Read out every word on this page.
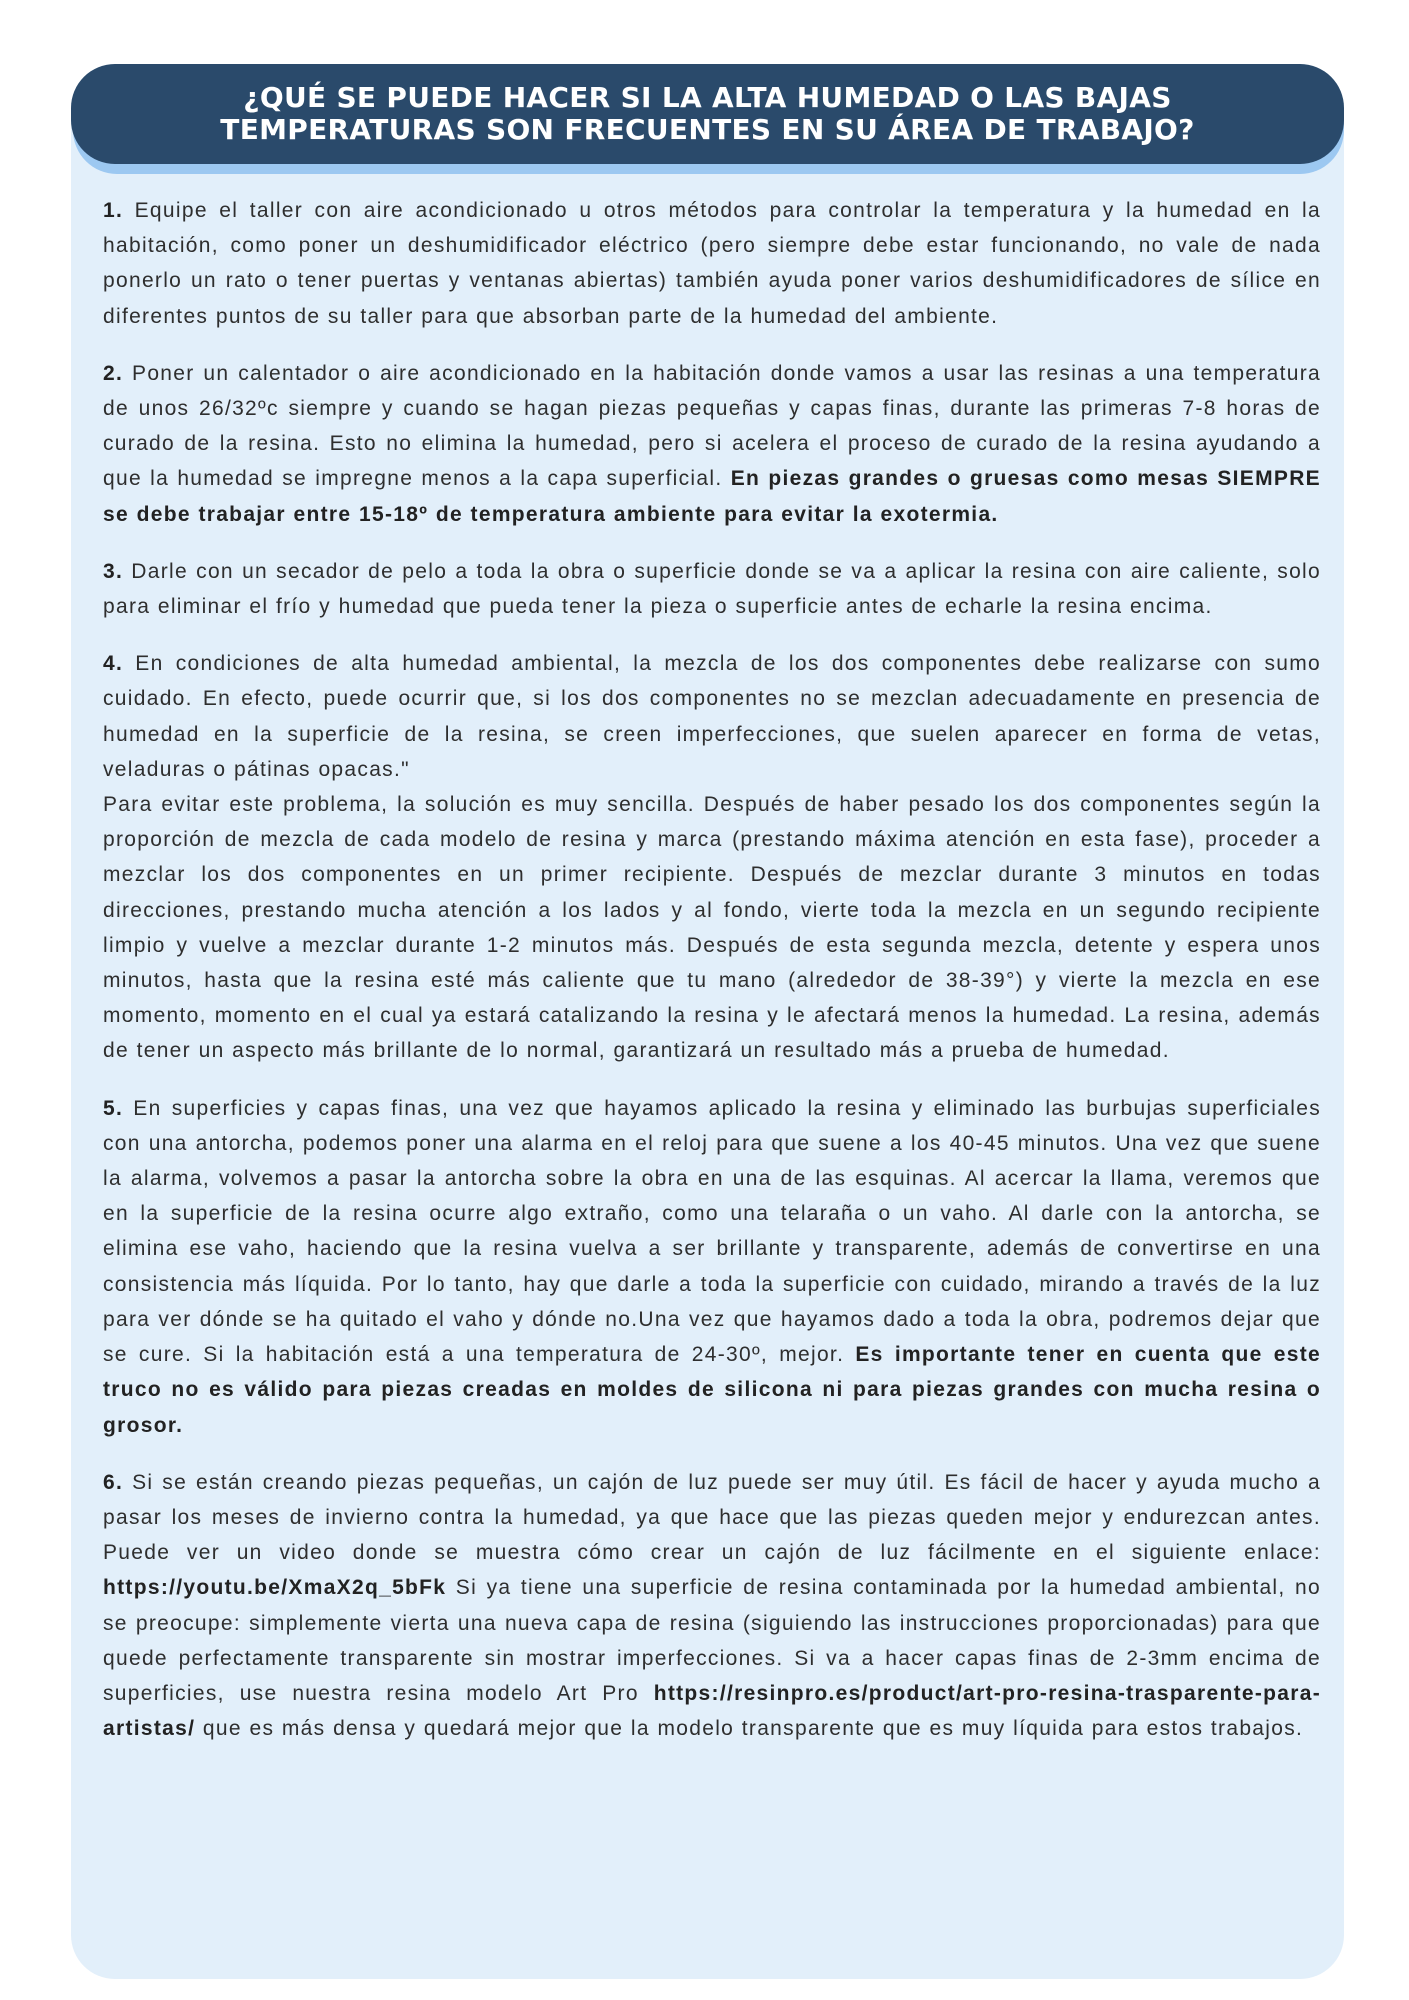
¿QUÉ SE PUEDE HACER SI LA ALTA HUMEDAD O LAS BAJAS TEMPERATURAS SON FRECUENTES EN SU ÁREA DE TRABAJO?

1. Equipe el taller con aire acondicionado u otros métodos para controlar la temperatura y la humedad en la habitación, como poner un deshumidificador eléctrico (pero siempre debe estar funcionando, no vale de nada ponerlo un rato o tener puertas y ventanas abiertas) también ayuda poner varios deshumidificadores de sílice en diferentes puntos de su taller para que absorban parte de la humedad del ambiente.

2. Poner un calentador o aire acondicionado en la habitación donde vamos a usar las resinas a una temperatura de unos 26/32ºc siempre y cuando se hagan piezas pequeñas y capas finas, durante las primeras 7-8 horas de curado de la resina. Esto no elimina la humedad, pero si acelera el proceso de curado de la resina ayudando a que la humedad se impregne menos a la capa superficial. En piezas grandes o gruesas como mesas SIEMPRE se debe trabajar entre 15-18º de temperatura ambiente para evitar la exotermia.

3. Darle con un secador de pelo a toda la obra o superficie donde se va a aplicar la resina con aire caliente, solo para eliminar el frío y humedad que pueda tener la pieza o superficie antes de echarle la resina encima.

4. En condiciones de alta humedad ambiental, la mezcla de los dos componentes debe realizarse con sumo cuidado. En efecto, puede ocurrir que, si los dos componentes no se mezclan adecuadamente en presencia de humedad en la superficie de la resina, se creen imperfecciones, que suelen aparecer en forma de vetas, veladuras o pátinas opacas."
Para evitar este problema, la solución es muy sencilla. Después de haber pesado los dos componentes según la proporción de mezcla de cada modelo de resina y marca (prestando máxima atención en esta fase), proceder a mezclar los dos componentes en un primer recipiente. Después de mezclar durante 3 minutos en todas direcciones, prestando mucha atención a los lados y al fondo, vierte toda la mezcla en un segundo recipiente limpio y vuelve a mezclar durante 1-2 minutos más. Después de esta segunda mezcla, detente y espera unos minutos, hasta que la resina esté más caliente que tu mano (alrededor de 38-39°) y vierte la mezcla en ese momento, momento en el cual ya estará catalizando la resina y le afectará menos la humedad. La resina, además de tener un aspecto más brillante de lo normal, garantizará un resultado más a prueba de humedad.

5. En superficies y capas finas, una vez que hayamos aplicado la resina y eliminado las burbujas superficiales con una antorcha, podemos poner una alarma en el reloj para que suene a los 40-45 minutos. Una vez que suene la alarma, volvemos a pasar la antorcha sobre la obra en una de las esquinas. Al acercar la llama, veremos que en la superficie de la resina ocurre algo extraño, como una telaraña o un vaho. Al darle con la antorcha, se elimina ese vaho, haciendo que la resina vuelva a ser brillante y transparente, además de convertirse en una consistencia más líquida. Por lo tanto, hay que darle a toda la superficie con cuidado, mirando a través de la luz para ver dónde se ha quitado el vaho y dónde no.Una vez que hayamos dado a toda la obra, podremos dejar que se cure. Si la habitación está a una temperatura de 24-30º, mejor. Es importante tener en cuenta que este truco no es válido para piezas creadas en moldes de silicona ni para piezas grandes con mucha resina o grosor.

6. Si se están creando piezas pequeñas, un cajón de luz puede ser muy útil. Es fácil de hacer y ayuda mucho a pasar los meses de invierno contra la humedad, ya que hace que las piezas queden mejor y endurezcan antes. Puede ver un video donde se muestra cómo crear un cajón de luz fácilmente en el siguiente enlace: https://youtu.be/XmaX2q_5bFk Si ya tiene una superficie de resina contaminada por la humedad ambiental, no se preocupe: simplemente vierta una nueva capa de resina (siguiendo las instrucciones proporcionadas) para que quede perfectamente transparente sin mostrar imperfecciones. Si va a hacer capas finas de 2-3mm encima de superficies, use nuestra resina modelo Art Pro https://resinpro.es/product/art-pro-resina-trasparente-para-artistas/ que es más densa y quedará mejor que la modelo transparente que es muy líquida para estos trabajos.
